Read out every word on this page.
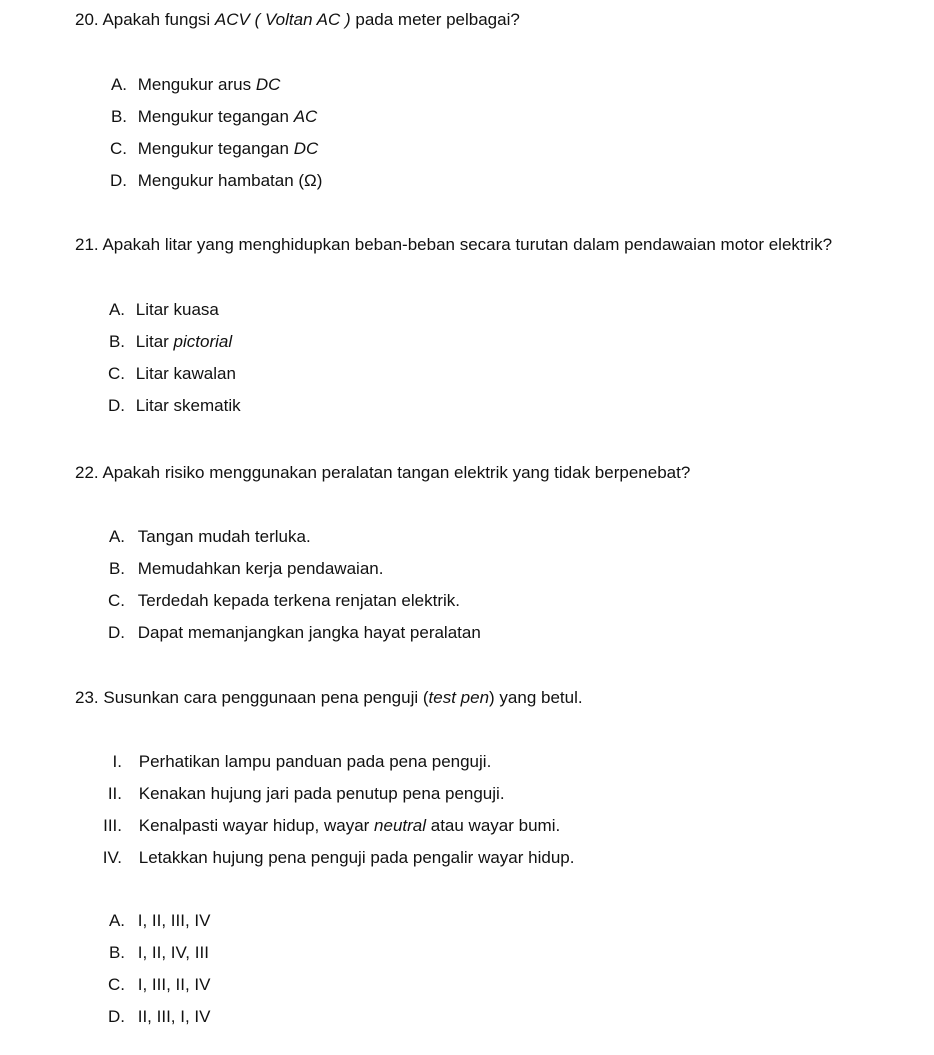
20. Apakah fungsi ACV ( Voltan AC ) pada meter pelbagai?
A. Mengukur arus DC
B. Mengukur tegangan AC
C. Mengukur tegangan DC
D. Mengukur hambatan (Ω)
21. Apakah litar yang menghidupkan beban-beban secara turutan dalam pendawaian motor elektrik?
A. Litar kuasa
B. Litar pictorial
C. Litar kawalan
D. Litar skematik
22. Apakah risiko menggunakan peralatan tangan elektrik yang tidak berpenebat?
A. Tangan mudah terluka.
B. Memudahkan kerja pendawaian.
C. Terdedah kepada terkena renjatan elektrik.
D. Dapat memanjangkan jangka hayat peralatan
23. Susunkan cara penggunaan pena penguji (test pen) yang betul.
I. Perhatikan lampu panduan pada pena penguji.
II. Kenakan hujung jari pada penutup pena penguji.
III. Kenalpasti wayar hidup, wayar neutral atau wayar bumi.
IV. Letakkan hujung pena penguji pada pengalir wayar hidup.
A. I, II, III, IV
B. I, II, IV, III
C. I, III, II, IV
D. II, III, I, IV
